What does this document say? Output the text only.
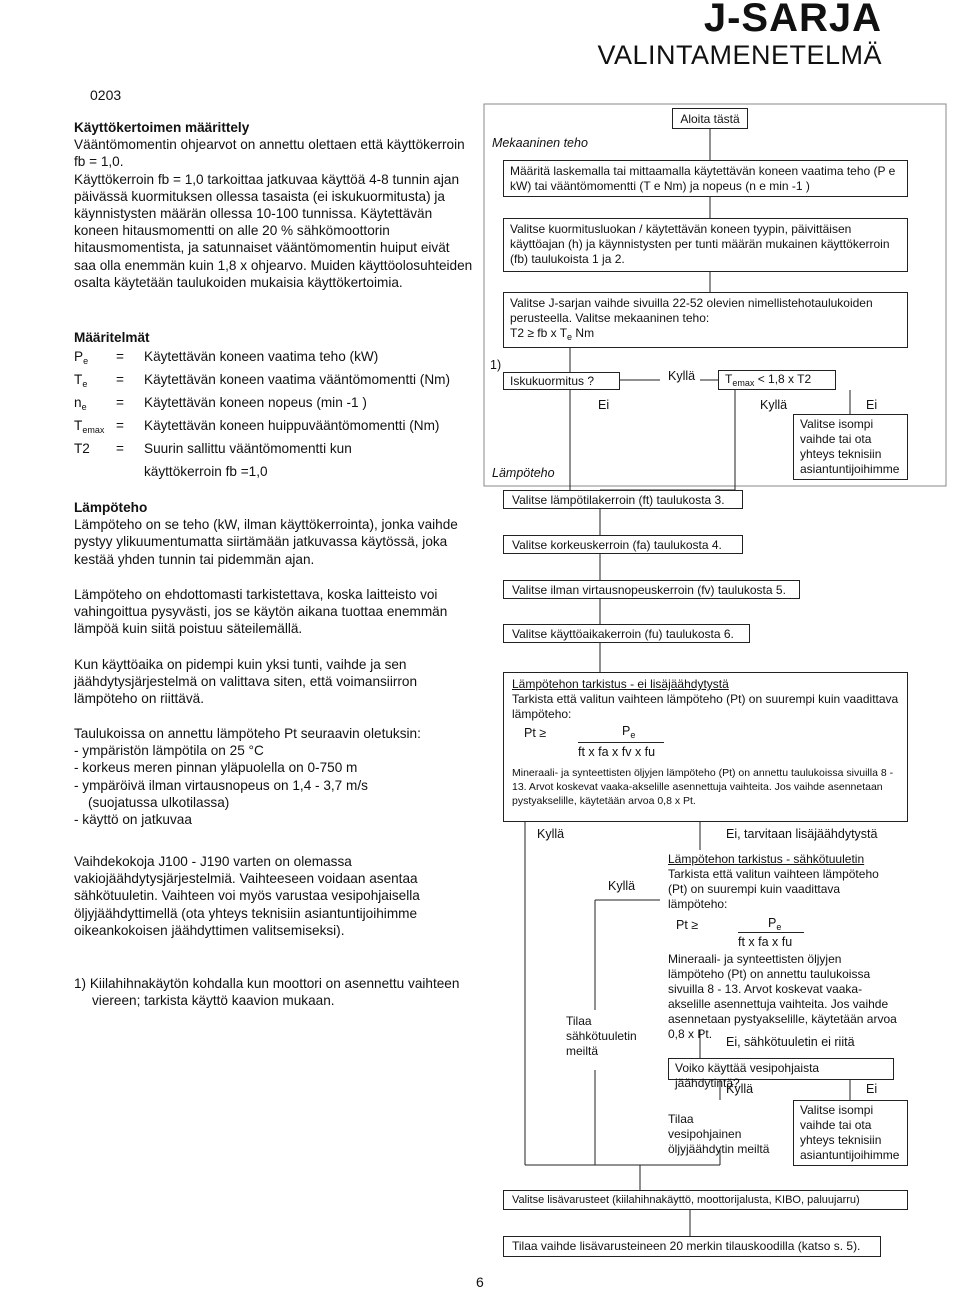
J-SARJA
VALINTAMENETELMÄ
0203
Käyttökertoimen määrittely

Vääntömomentin ohjearvot on annettu olettaen että käyttökerroin fb = 1,0.

Käyttökerroin fb = 1,0 tarkoittaa jatkuvaa käyttöä 4-8 tunnin ajan päivässä kuormituksen ollessa tasaista (ei iskukuormitusta) ja käynnistysten määrän ollessa 10-100 tunnissa. Käytettävän koneen hitausmomentti on alle 20 % sähkömoottorin hitausmomentista, ja satunnaiset vääntömomentin huiput eivät saa olla enemmän kuin 1,8 x ohjearvo. Muiden käyttöolosuhteiden osalta käytetään taulukoiden mukaisia käyttökertoimia.

Määritelmät
$P_e$ = Käytettävän koneen vaatima teho (kW)
$T_e$ = Käytettävän koneen vaatima vääntömomentti (Nm)
$n_e$ = Käytettävän koneen nopeus (min -1 )
$T_{emax}$ = Käytettävän koneen huippuvääntömomentti (Nm)
T2 = Suurin sallittu vääntömomentti kun
käyttökerroin fb =1,0
Lämpöteho

Lämpöteho on se teho (kW, ilman käyttökerrointa), jonka vaihde pystyy ylikuumentumatta siirtämään jatkuvassa käytössä, joka kestää yhden tunnin tai pidemmän ajan.

Lämpöteho on ehdottomasti tarkistettava, koska laitteisto voi vahingoittua pysyvästi, jos se käytön aikana tuottaa enemmän lämpöä kuin siitä poistuu säteilemällä.

Kun käyttöaika on pidempi kuin yksi tunti, vaihde ja sen jäähdytysjärjestelmä on valittava siten, että voimansiirron lämpöteho on riittävä.

Taulukoissa on annettu lämpöteho Pt seuraavin oletuksin:

- ympäristön lämpötila on 25 °C
- korkeus meren pinnan yläpuolella on 0-750 m
- ympäröivä ilman virtausnopeus on 1,4 - 3,7 m/s
(suojatussa ulkotilassa)
- käyttö on jatkuvaa

Vaihdekokoja J100 - J190 varten on olemassa vakiojäähdytysjärjestelmiä. Vaihteeseen voidaan asentaa sähkötuuletin. Vaihteen voi myös varustaa vesipohjaisella öljyjäähdyttimellä (ota yhteys teknisiin asiantuntijoihimme oikeankokoisen jäähdyttimen valitsemiseksi).

1) Kiilahihnakäytön kohdalla kun moottori on asennettu vaihteen viereen; tarkista käyttö kaavion mukaan.

Aloita tästä
Mekaaninen teho
Määritä laskemalla tai mittaamalla käytettävän koneen vaatima teho (P e kW) tai vääntömomentti (T e Nm) ja nopeus (n e min -1 )
Valitse kuormitusluokan / käytettävän koneen tyypin, päivittäisen käyttöajan (h) ja käynnistysten per tunti määrän mukainen käyttökerroin (fb) taulukoista 1 ja 2.
Valitse J-sarjan vaihde sivuilla 22-52 olevien nimellistehotaulukoiden perusteella. Valitse mekaaninen teho:
T2 ≥ fb x $T_e$ Nm
1)
Iskukuormitus ?	Kyllä
Ei
$T_{emax} < 1,8$ x T2
Kyllä	Ei
Valitse isompi vaihde tai ota yhteys teknisiin asiantuntijoihimme
Lämpöteho
Valitse lämpötilakerroin (ft) taulukosta 3.
Valitse korkeuskerroin (fa) taulukosta 4.
Valitse ilman virtausnopeuskerroin (fv) taulukosta 5.
Valitse käyttöaikakerroin (fu) taulukosta 6.
Lämpötehon tarkistus - ei lisäjäähdytystä
Tarkista että valitun vaihteen lämpöteho (Pt) on suurempi kuin vaadittava lämpöteho:
Pt ≥	$P_e$
ft x fa x fv x fu
Mineraali- ja synteettisten öljyjen lämpöteho (Pt) on annettu taulukoissa sivuilla 8 - 13. Arvot koskevat vaaka-akselille asennettuja vaihteita. Jos vaihde asennetaan pystyakselille, käytetään arvoa 0,8 x Pt.
Kyllä	Ei, tarvitaan lisäjäähdytystä
Lämpötehon tarkistus - sähkötuuletin
Tarkista että valitun vaihteen lämpöteho (Pt) on suurempi kuin vaadittava lämpöteho:
Pt ≥	$P_e$
ft x fa x fu
Mineraali- ja synteettisten öljyjen lämpöteho (Pt) on annettu taulukoissa sivuilla 8 - 13. Arvot koskevat vaaka-akselille asennettuja vaihteita. Jos vaihde asennetaan pystyakselille, käytetään arvoa 0,8 x Pt.
Kyllä
Tilaa sähkötuuletin meiltä
Ei, sähkötuuletin ei riitä
Voiko käyttää vesipohjaista jäähdytintä?
Kyllä	Ei
Tilaa vesipohjainen öljyjäähdytin meiltä
Valitse isompi vaihde tai ota yhteys teknisiin asiantuntijoihimme
Valitse lisävarusteet (kiilahihnakäyttö, moottorijalusta, KIBO, paluujarru)
Tilaa vaihde lisävarusteineen 20 merkin tilauskoodilla (katso s. 5).
6
